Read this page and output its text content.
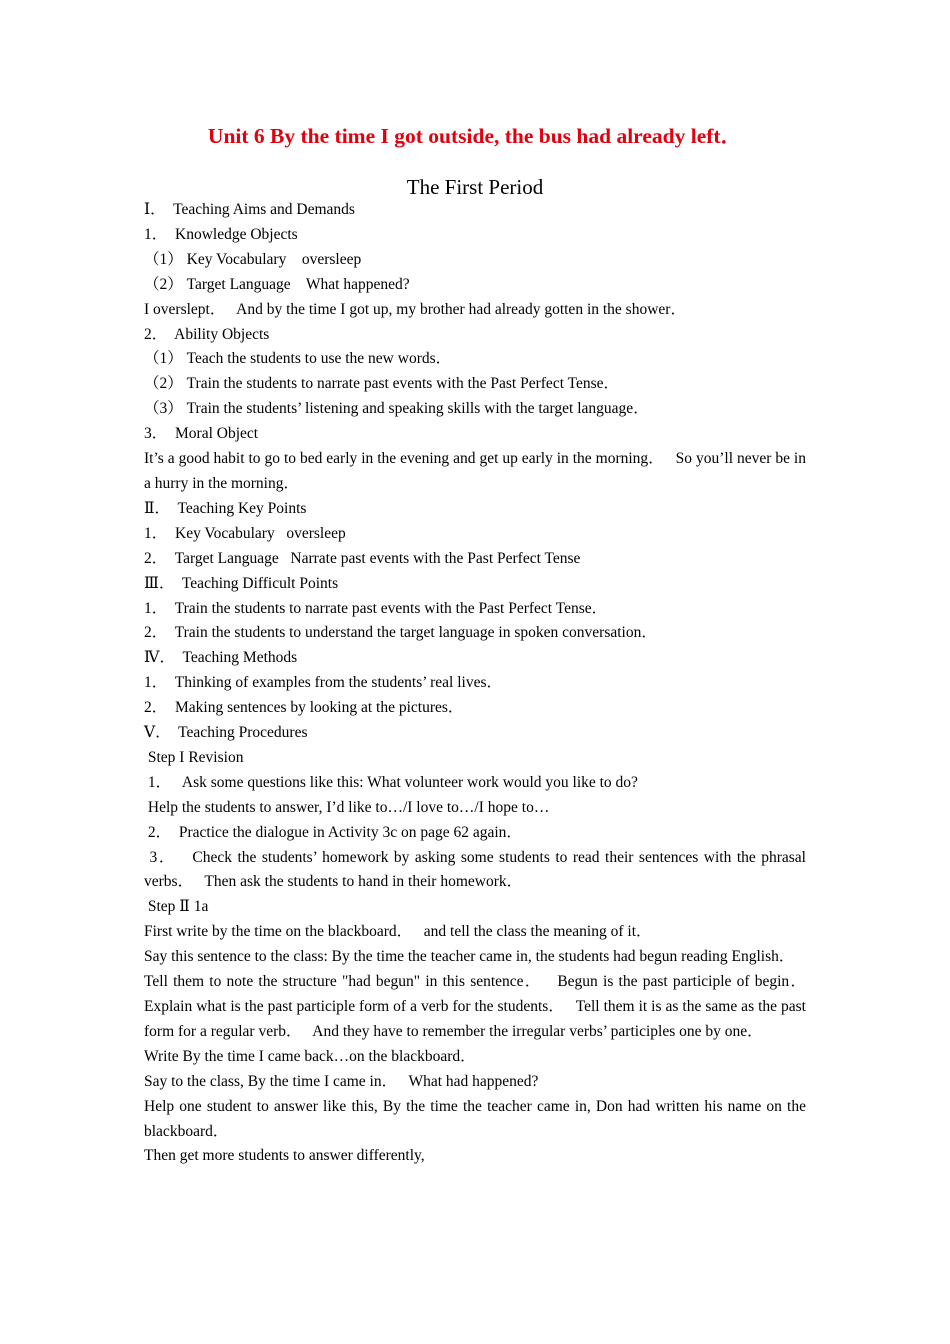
Unit 6 By the time I got outside, the bus had already left．
The First Period

Ⅰ．  Teaching Aims and Demands

1．  Knowledge Objects

（1） Key Vocabulary    oversleep

（2） Target Language    What happened?

I overslept．   And by the time I got up, my brother had already gotten in the shower．

2．  Ability Objects

（1） Teach the students to use the new words．

（2） Train the students to narrate past events with the Past Perfect Tense．

（3） Train the students’ listening and speaking skills with the target language．

3．  Moral Object

It’s a good habit to go to bed early in the evening and get up early in the morning．   So you’ll never be in a hurry in the morning．

Ⅱ．  Teaching Key Points

1．  Key Vocabulary   oversleep

2．  Target Language   Narrate past events with the Past Perfect Tense

Ⅲ．  Teaching Difficult Points

1．  Train the students to narrate past events with the Past Perfect Tense．

2．  Train the students to understand the target language in spoken conversation．

Ⅳ．  Teaching Methods

1．  Thinking of examples from the students’ real lives．

2．  Making sentences by looking at the pictures．

Ⅴ．  Teaching Procedures

Step I Revision

1．   Ask some questions like this: What volunteer work would you like to do?

Help the students to answer, I’d like to…/I love to…/I hope to…

2．  Practice the dialogue in Activity 3c on page 62 again．

3．   Check the students’ homework by asking some students to read their sentences with the phrasal verbs．   Then ask the students to hand in their homework．

Step Ⅱ 1a

First write by the time on the blackboard．   and tell the class the meaning of it．

Say this sentence to the class: By the time the teacher came in, the students had begun reading English．

Tell them to note the structure "had begun" in this sentence．   Begun is the past participle of begin．   Explain what is the past participle form of a verb for the students．   Tell them it is as the same as the past form for a regular verb．   And they have to remember the irregular verbs’ participles one by one．

Write By the time I came back…on the blackboard．

Say to the class, By the time I came in．   What had happened?

Help one student to answer like this, By the time the teacher came in, Don had written his name on the blackboard．

Then get more students to answer differently,
